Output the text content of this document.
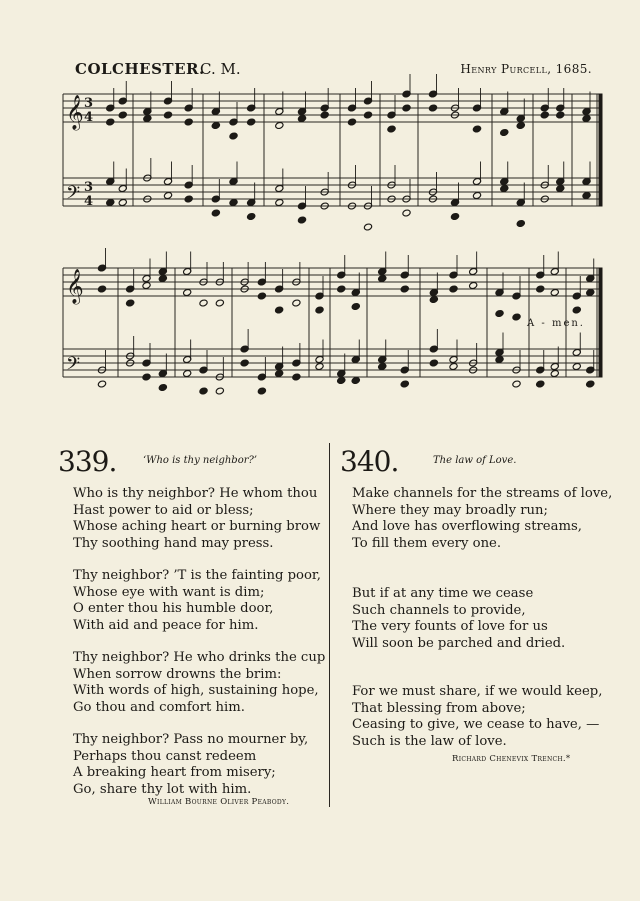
COLCHESTER.
C. M.	Henry Purcell, 1685.
𝄞
𝄢
𝄞
𝄢
3
4
3
4
A - men.
339.	‘Who is thy neighbor?’
Who is thy neighbor? He whom thou
Hast power to aid or bless;
Whose aching heart or burning brow
Thy soothing hand may press.
Thy neighbor? ’T is the fainting poor,
Whose eye with want is dim;
O enter thou his humble door,
With aid and peace for him.
Thy neighbor? He who drinks the cup
When sorrow drowns the brim:
With words of high, sustaining hope,
Go thou and comfort him.
Thy neighbor? Pass no mourner by,
Perhaps thou canst redeem
A breaking heart from misery;
Go, share thy lot with him.
William Bourne Oliver Peabody.
340.	The law of Love.
Make channels for the streams of love,
Where they may broadly run;
And love has overflowing streams,
To fill them every one.
But if at any time we cease
Such channels to provide,
The very founts of love for us
Will soon be parched and dried.
For we must share, if we would keep,
That blessing from above;
Ceasing to give, we cease to have, —
Such is the law of love.
Richard Chenevix Trench.*
